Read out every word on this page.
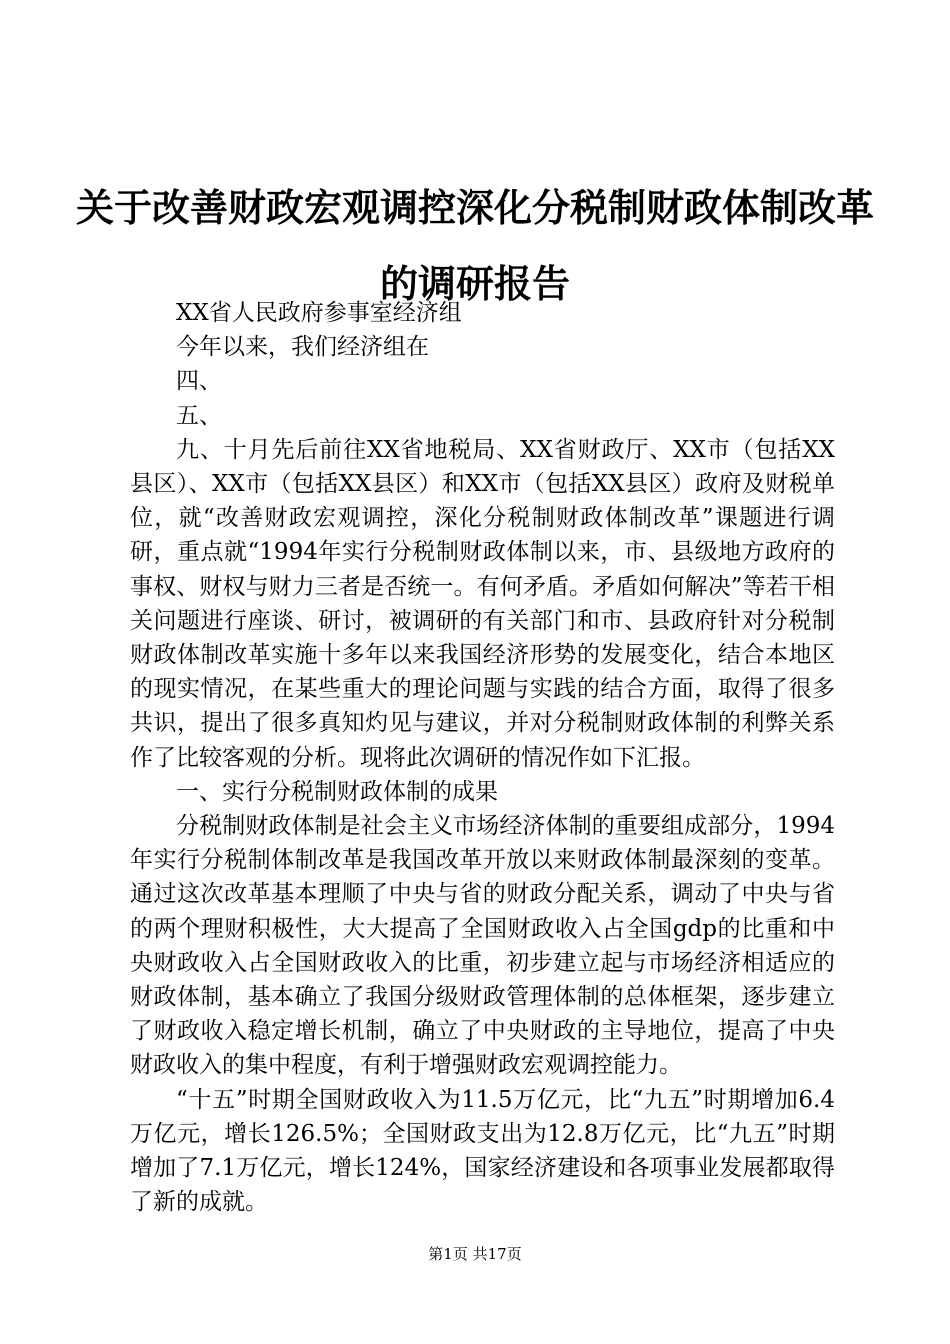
关于改善财政宏观调控深化分税制财政体制改革的调研报告

XX省人民政府参事室经济组

今年以来，我们经济组在

四、

五、

九、十月先后前往XX省地税局、XX省财政厅、XX市（包括XX县区）、XX市（包括XX县区）和XX市（包括XX县区）政府及财税单位，就“改善财政宏观调控，深化分税制财政体制改革”课题进行调研，重点就“1994年实行分税制财政体制以来，市、县级地方政府的事权、财权与财力三者是否统一。有何矛盾。矛盾如何解决”等若干相关问题进行座谈、研讨，被调研的有关部门和市、县政府针对分税制财政体制改革实施十多年以来我国经济形势的发展变化，结合本地区的现实情况，在某些重大的理论问题与实践的结合方面，取得了很多共识，提出了很多真知灼见与建议，并对分税制财政体制的利弊关系作了比较客观的分析。现将此次调研的情况作如下汇报。

一、实行分税制财政体制的成果

分税制财政体制是社会主义市场经济体制的重要组成部分，1994年实行分税制体制改革是我国改革开放以来财政体制最深刻的变革。通过这次改革基本理顺了中央与省的财政分配关系，调动了中央与省的两个理财积极性，大大提高了全国财政收入占全国gdp的比重和中央财政收入占全国财政收入的比重，初步建立起与市场经济相适应的财政体制，基本确立了我国分级财政管理体制的总体框架，逐步建立了财政收入稳定增长机制，确立了中央财政的主导地位，提高了中央财政收入的集中程度，有利于增强财政宏观调控能力。

“十五”时期全国财政收入为11.5万亿元，比“九五”时期增加6.4万亿元，增长126.5%；全国财政支出为12.8万亿元，比“九五”时期增加了7.1万亿元，增长124%，国家经济建设和各项事业发展都取得了新的成就。

第1页 共17页
